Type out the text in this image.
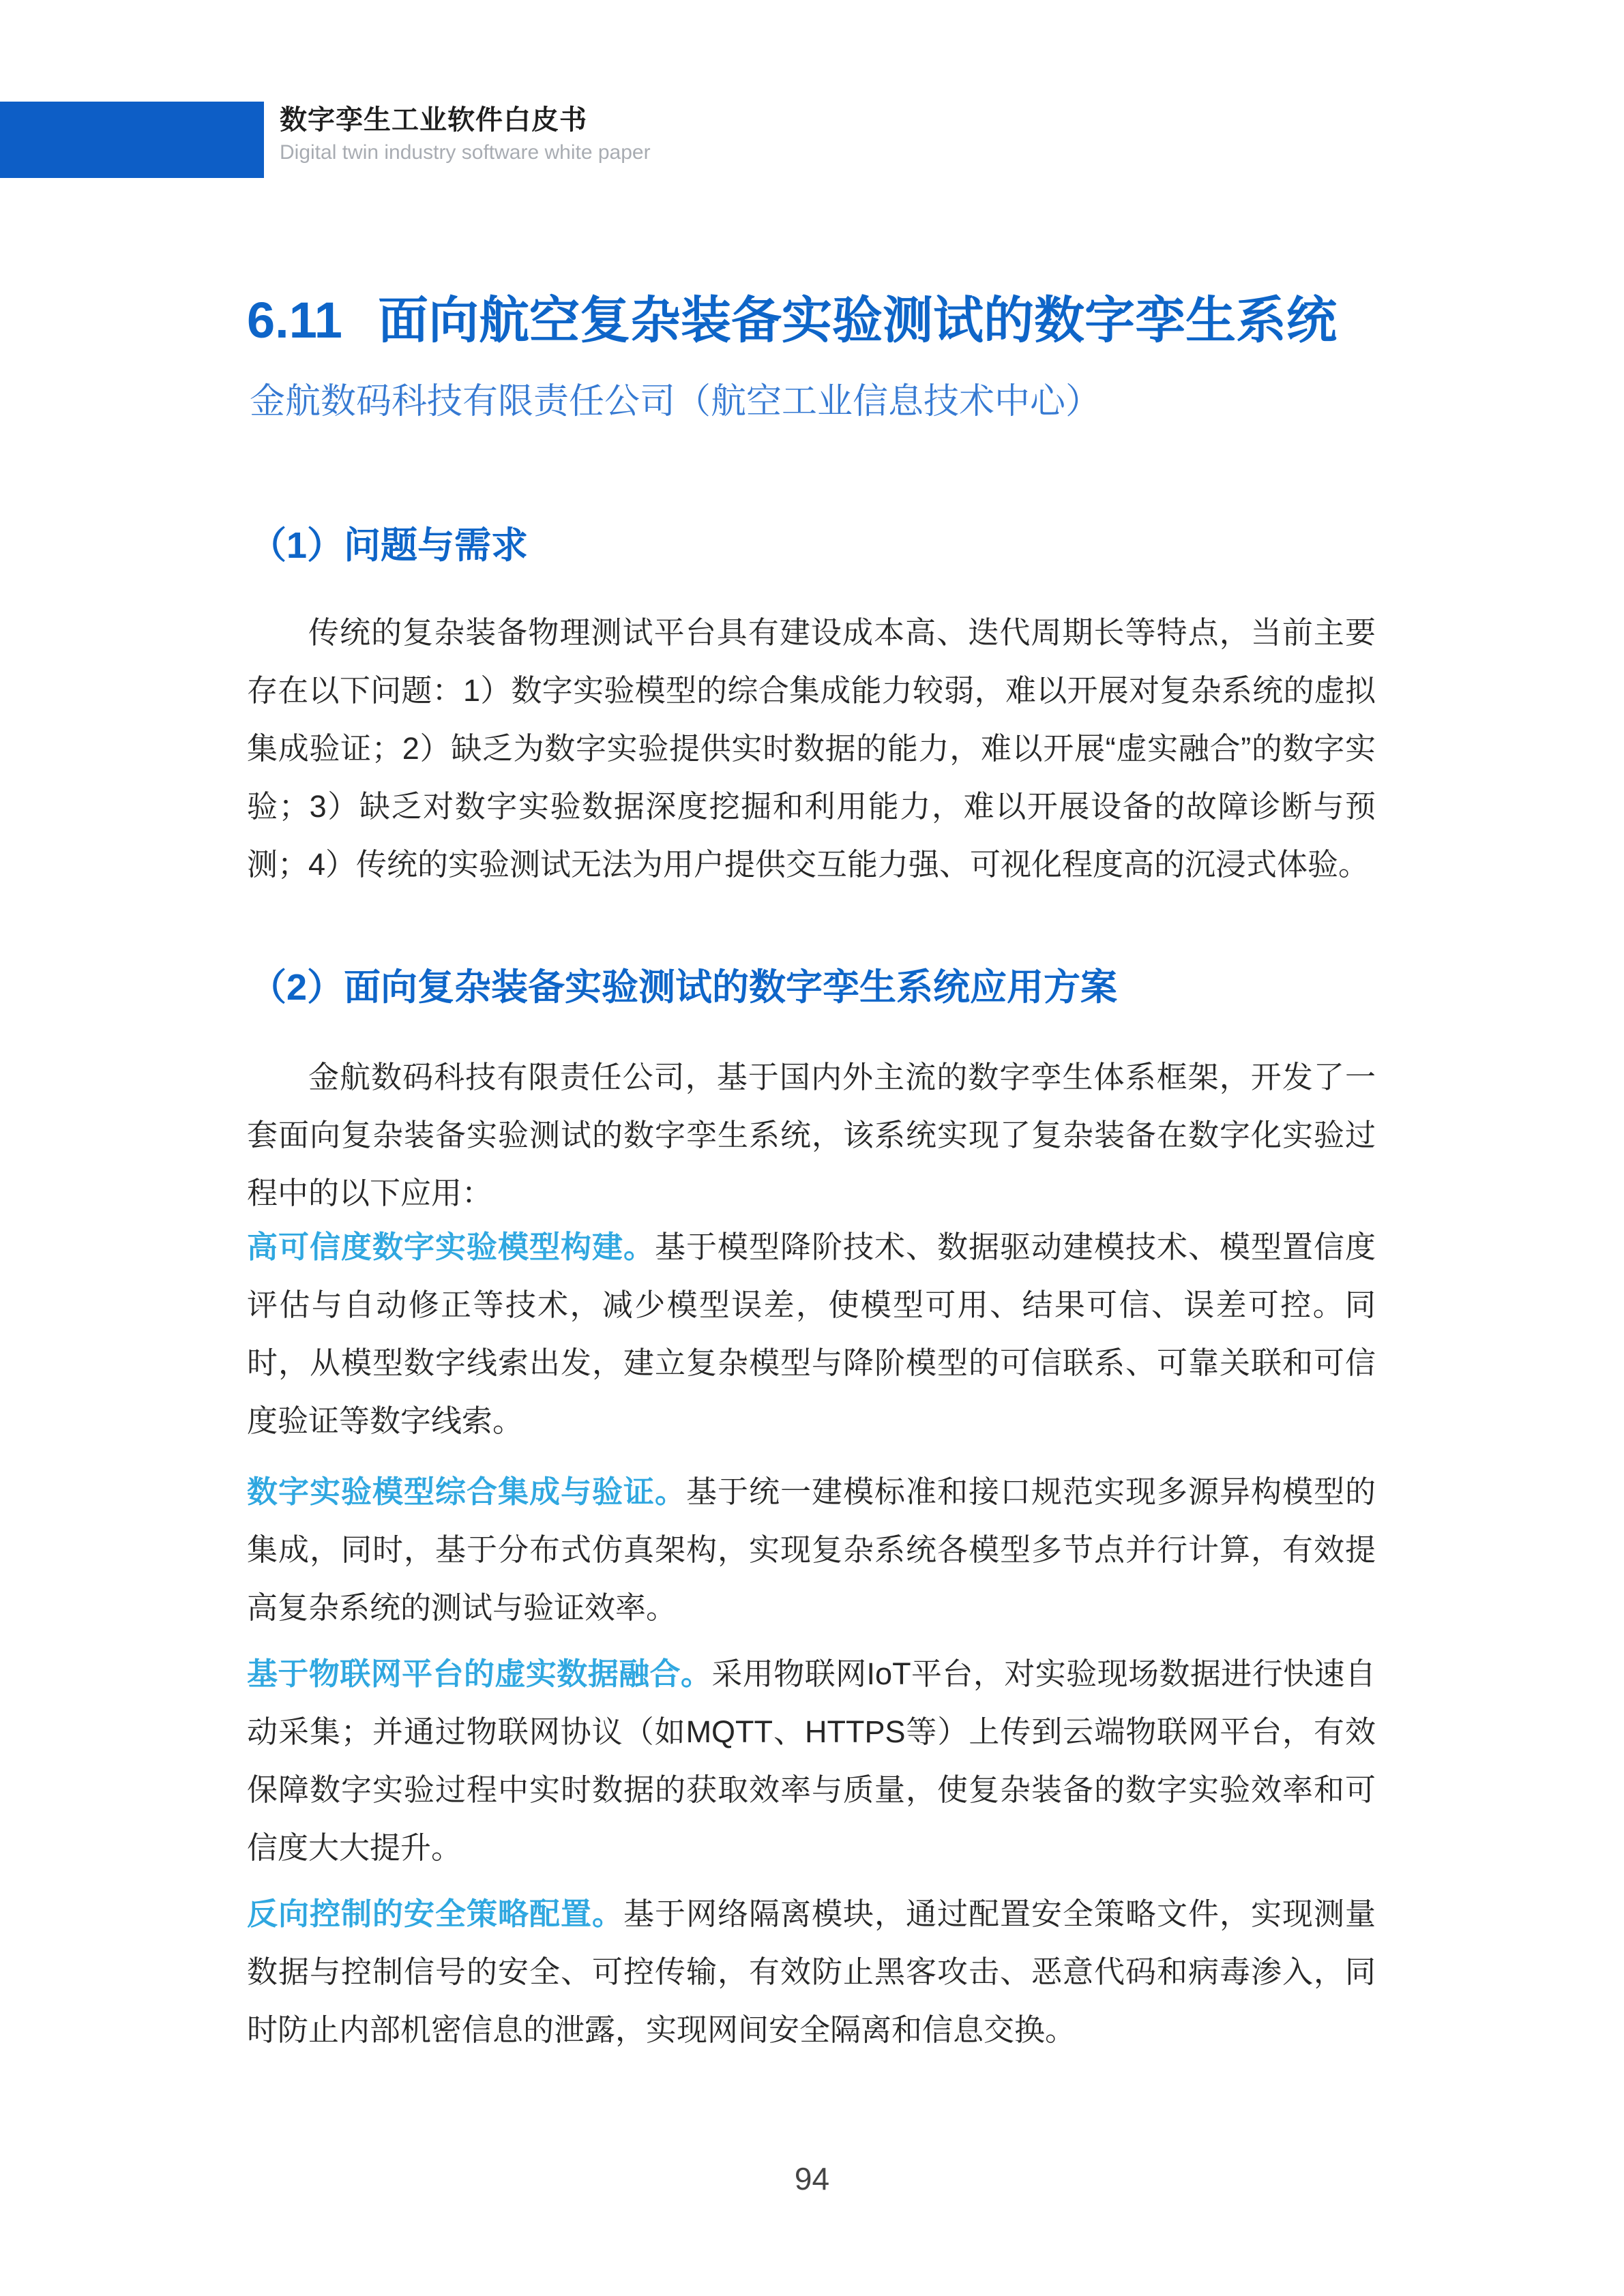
数字孪生工业软件白皮书
Digital twin industry software white paper
6.11 面向航空复杂装备实验测试的数字孪生系统
金航数码科技有限责任公司（航空工业信息技术中心）
（1）问题与需求

传统的复杂装备物理测试平台具有建设成本高、迭代周期长等特点，当前主要存在以下问题：1）数字实验模型的综合集成能力较弱，难以开展对复杂系统的虚拟集成验证；2）缺乏为数字实验提供实时数据的能力，难以开展“虚实融合”的数字实验；3）缺乏对数字实验数据深度挖掘和利用能力，难以开展设备的故障诊断与预测；4）传统的实验测试无法为用户提供交互能力强、可视化程度高的沉浸式体验。

（2）面向复杂装备实验测试的数字孪生系统应用方案

金航数码科技有限责任公司，基于国内外主流的数字孪生体系框架，开发了一套面向复杂装备实验测试的数字孪生系统，该系统实现了复杂装备在数字化实验过程中的以下应用：

高可信度数字实验模型构建。基于模型降阶技术、数据驱动建模技术、模型置信度评估与自动修正等技术，减少模型误差，使模型可用、结果可信、误差可控。同时，从模型数字线索出发，建立复杂模型与降阶模型的可信联系、可靠关联和可信度验证等数字线索。

数字实验模型综合集成与验证。基于统一建模标准和接口规范实现多源异构模型的集成，同时，基于分布式仿真架构，实现复杂系统各模型多节点并行计算，有效提高复杂系统的测试与验证效率。

基于物联网平台的虚实数据融合。采用物联网IoT平台，对实验现场数据进行快速自动采集；并通过物联网协议（如MQTT、HTTPS等）上传到云端物联网平台，有效保障数字实验过程中实时数据的获取效率与质量，使复杂装备的数字实验效率和可信度大大提升。

反向控制的安全策略配置。基于网络隔离模块，通过配置安全策略文件，实现测量数据与控制信号的安全、可控传输，有效防止黑客攻击、恶意代码和病毒渗入，同时防止内部机密信息的泄露，实现网间安全隔离和信息交换。

94
